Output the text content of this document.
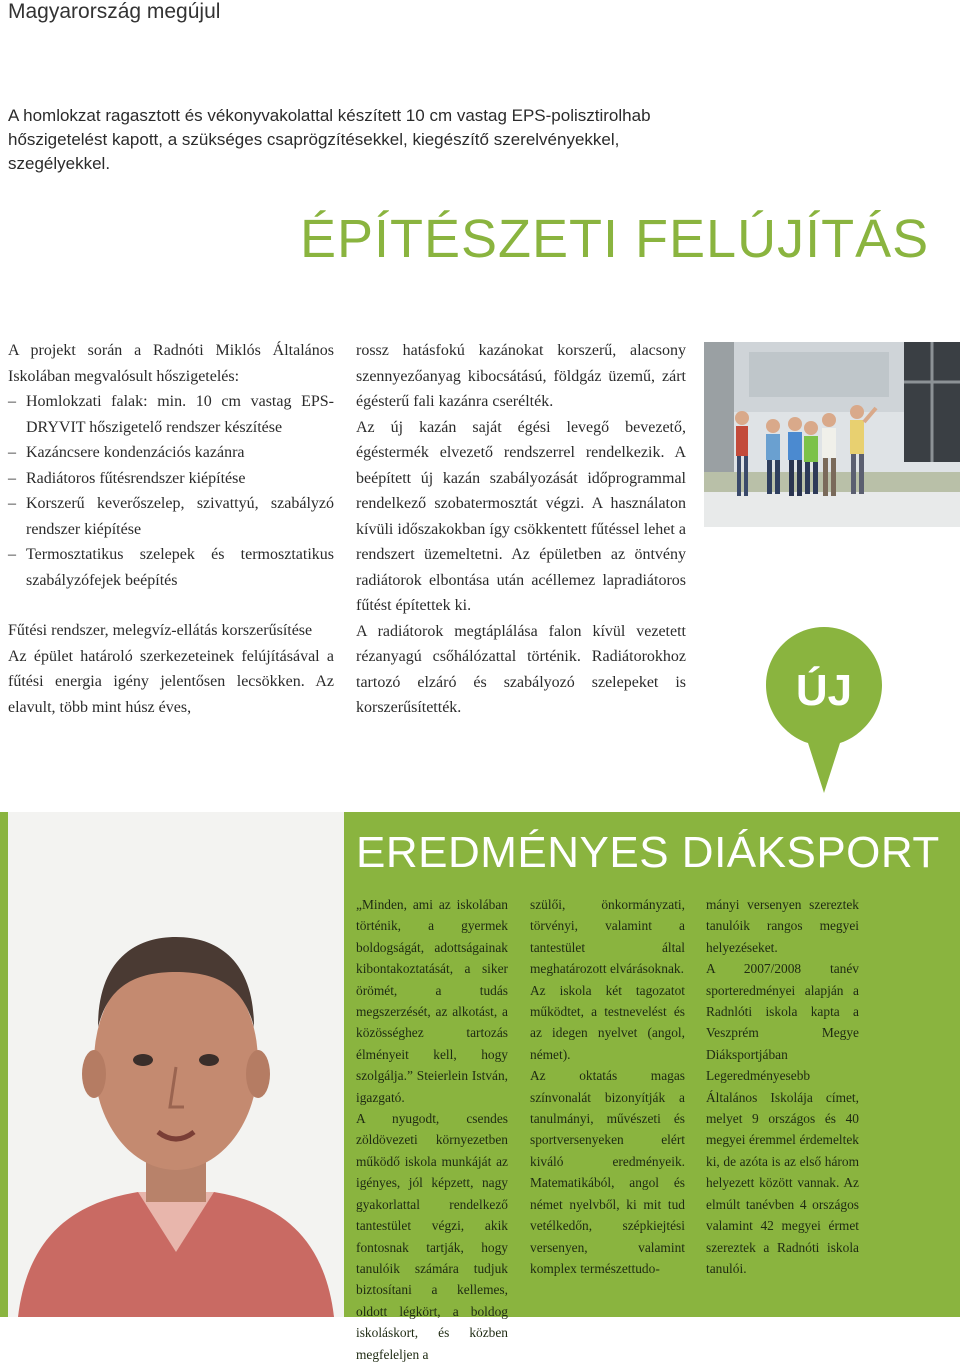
Magyarország megújul
A homlokzat ragasztott és vékonyvakolattal készített 10 cm vastag EPS-polisztirolhab hőszigetelést kapott, a szükséges csaprögzítésekkel, kiegészítő szerelvényekkel, szegélyekkel.
ÉPÍTÉSZETI FELÚJÍTÁS

A projekt során a Radnóti Miklós Általános Iskolában megvalósult hőszigetelés:

– Homlokzati falak: min. 10 cm vastag EPS-DRYVIT hőszigetelő rendszer készítése
– Kazáncsere kondenzációs kazánra
– Radiátoros fűtésrendszer kiépítése
– Korszerű keverőszelep, szivattyú, szabályzó rendszer kiépítése
– Termosztatikus szelepek és termosztatikus szabályzófejek beépítés

Fűtési rendszer, melegvíz-ellátás korszerűsítése

Az épület határoló szerkezeteinek felújításával a fűtési energia igény jelentősen lecsökken. Az elavult, több mint húsz éves,

rossz hatásfokú kazánokat korszerű, alacsony szennyezőanyag kibocsátású, földgáz üzemű, zárt égésterű fali kazánra cserélték.

Az új kazán saját égési levegő bevezető, égéstermék elvezető rendszerrel rendelkezik. A beépített új kazán szabályozását időprogrammal rendelkező szobatermosztát végzi. A használaton kívüli időszakokban így csökkentett fűtéssel lehet a rendszert üzemeltetni. Az épületben az öntvény radiátorok elbontása után acéllemez lapradiátoros fűtést építettek ki.

A radiátorok megtáplálása falon kívül vezetett rézanyagú csőhálózattal történik. Radiátorokhoz tartozó elzáró és szabályozó szelepeket is korszerűsítették.	ÚJ
EREDMÉNYES DIÁKSPORT

„Minden, ami az iskolában történik, a gyermek boldogságát, adottságainak kibontakoztatását, a siker örömét, a tudás megszerzését, az alkotást, a közösséghez tartozás élményeit kell, hogy szolgálja.” Steierlein István, igazgató.

A nyugodt, csendes zöldövezeti környezetben működő iskola munkáját az igényes, jól képzett, nagy gyakorlattal rendelkező tantestület végzi, akik fontosnak tartják, hogy tanulóik számára tudjuk biztosítani a kellemes, oldott légkört, a boldog iskoláskort, és közben megfeleljen a

szülői, önkormányzati, törvényi, valamint a tantestület által meghatározott elvárásoknak.

Az iskola két tagozatot működtet, a testnevelést és az idegen nyelvet (angol, német).

Az oktatás magas színvonalát bizonyítják a tanulmányi, művészeti és sportversenyeken elért kiváló eredményeik. Matematikából, angol és német nyelvből, ki mit tud vetélkedőn, szépkiejtési versenyen, valamint komplex természettudo-

mányi versenyen szereztek tanulóik rangos megyei helyezéseket.

A 2007/2008 tanév sporteredményei alapján a Radnlóti iskola kapta a Veszprém Megye Diáksportjában Legeredményesebb Általános Iskolája címet, melyet 9 országos és 40 megyei éremmel érdemeltek ki, de azóta is az első három helyezett között vannak. Az elmúlt tanévben 4 országos valamint 42 megyei érmet szereztek a Radnóti iskola tanulói.
